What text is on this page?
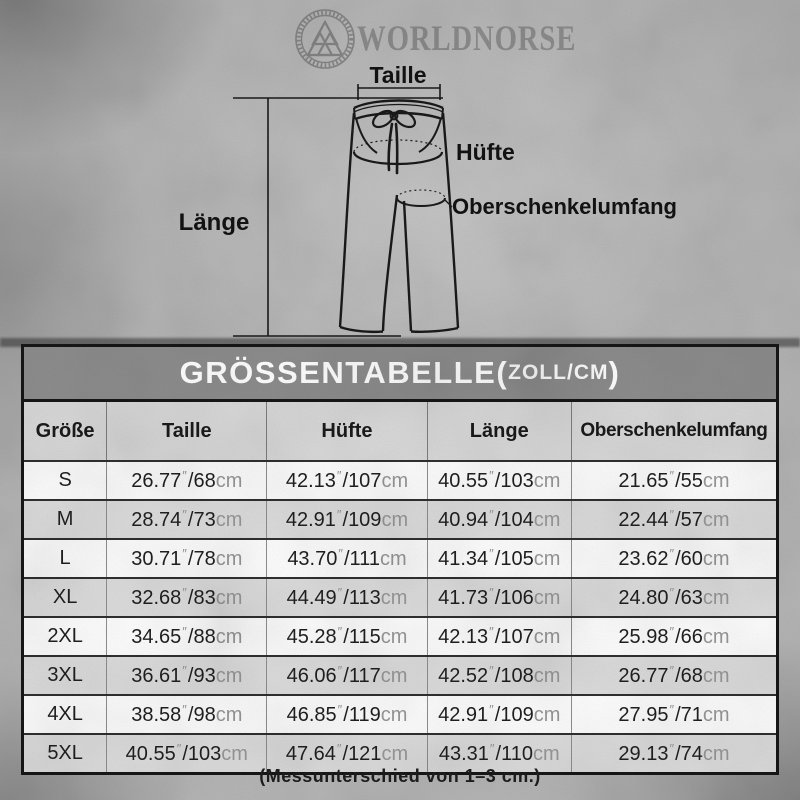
WORLDNORSE
Taille
Hüfte
Oberschenkelumfang
Länge
GRÖSSENTABELLE( ZOLL/CM )
Größe	Taille	Hüfte	Länge	Oberschenkelumfang
S	26.77″/68cm	42.13″/107cm	40.55″/103cm	21.65″/55cm
M	28.74″/73cm	42.91″/109cm	40.94″/104cm	22.44″/57cm
L	30.71″/78cm	43.70″/111cm	41.34″/105cm	23.62″/60cm
XL	32.68″/83cm	44.49″/113cm	41.73″/106cm	24.80″/63cm
2XL	34.65″/88cm	45.28″/115cm	42.13″/107cm	25.98″/66cm
3XL	36.61″/93cm	46.06″/117cm	42.52″/108cm	26.77″/68cm
4XL	38.58″/98cm	46.85″/119cm	42.91″/109cm	27.95″/71cm
5XL	40.55″/103cm	47.64″/121cm	43.31″/110cm	29.13″/74cm
(Messunterschied von 1–3 cm.)
